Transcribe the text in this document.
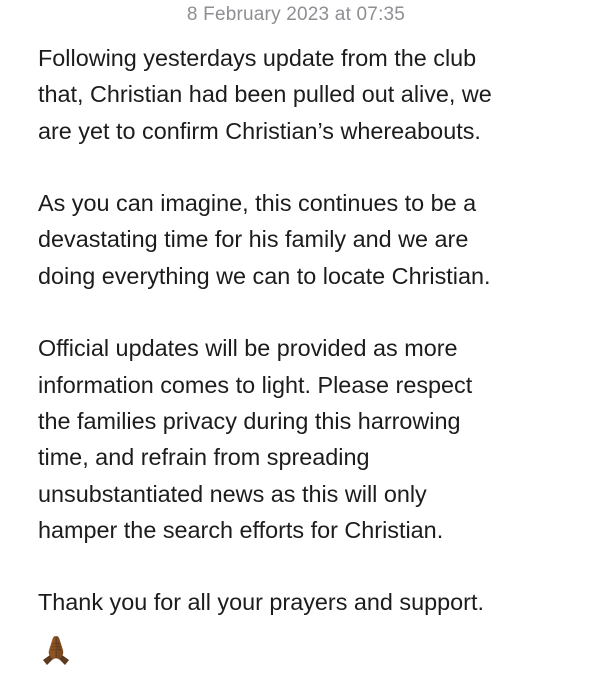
8 February 2023 at 07:35

Following yesterdays update from the club
that, Christian had been pulled out alive, we
are yet to confirm Christian’s whereabouts.

As you can imagine, this continues to be a
devastating time for his family and we are
doing everything we can to locate Christian.

Official updates will be provided as more
information comes to light. Please respect
the families privacy during this harrowing
time, and refrain from spreading
unsubstantiated news as this will only
hamper the search efforts for Christian.

Thank you for all your prayers and support.
